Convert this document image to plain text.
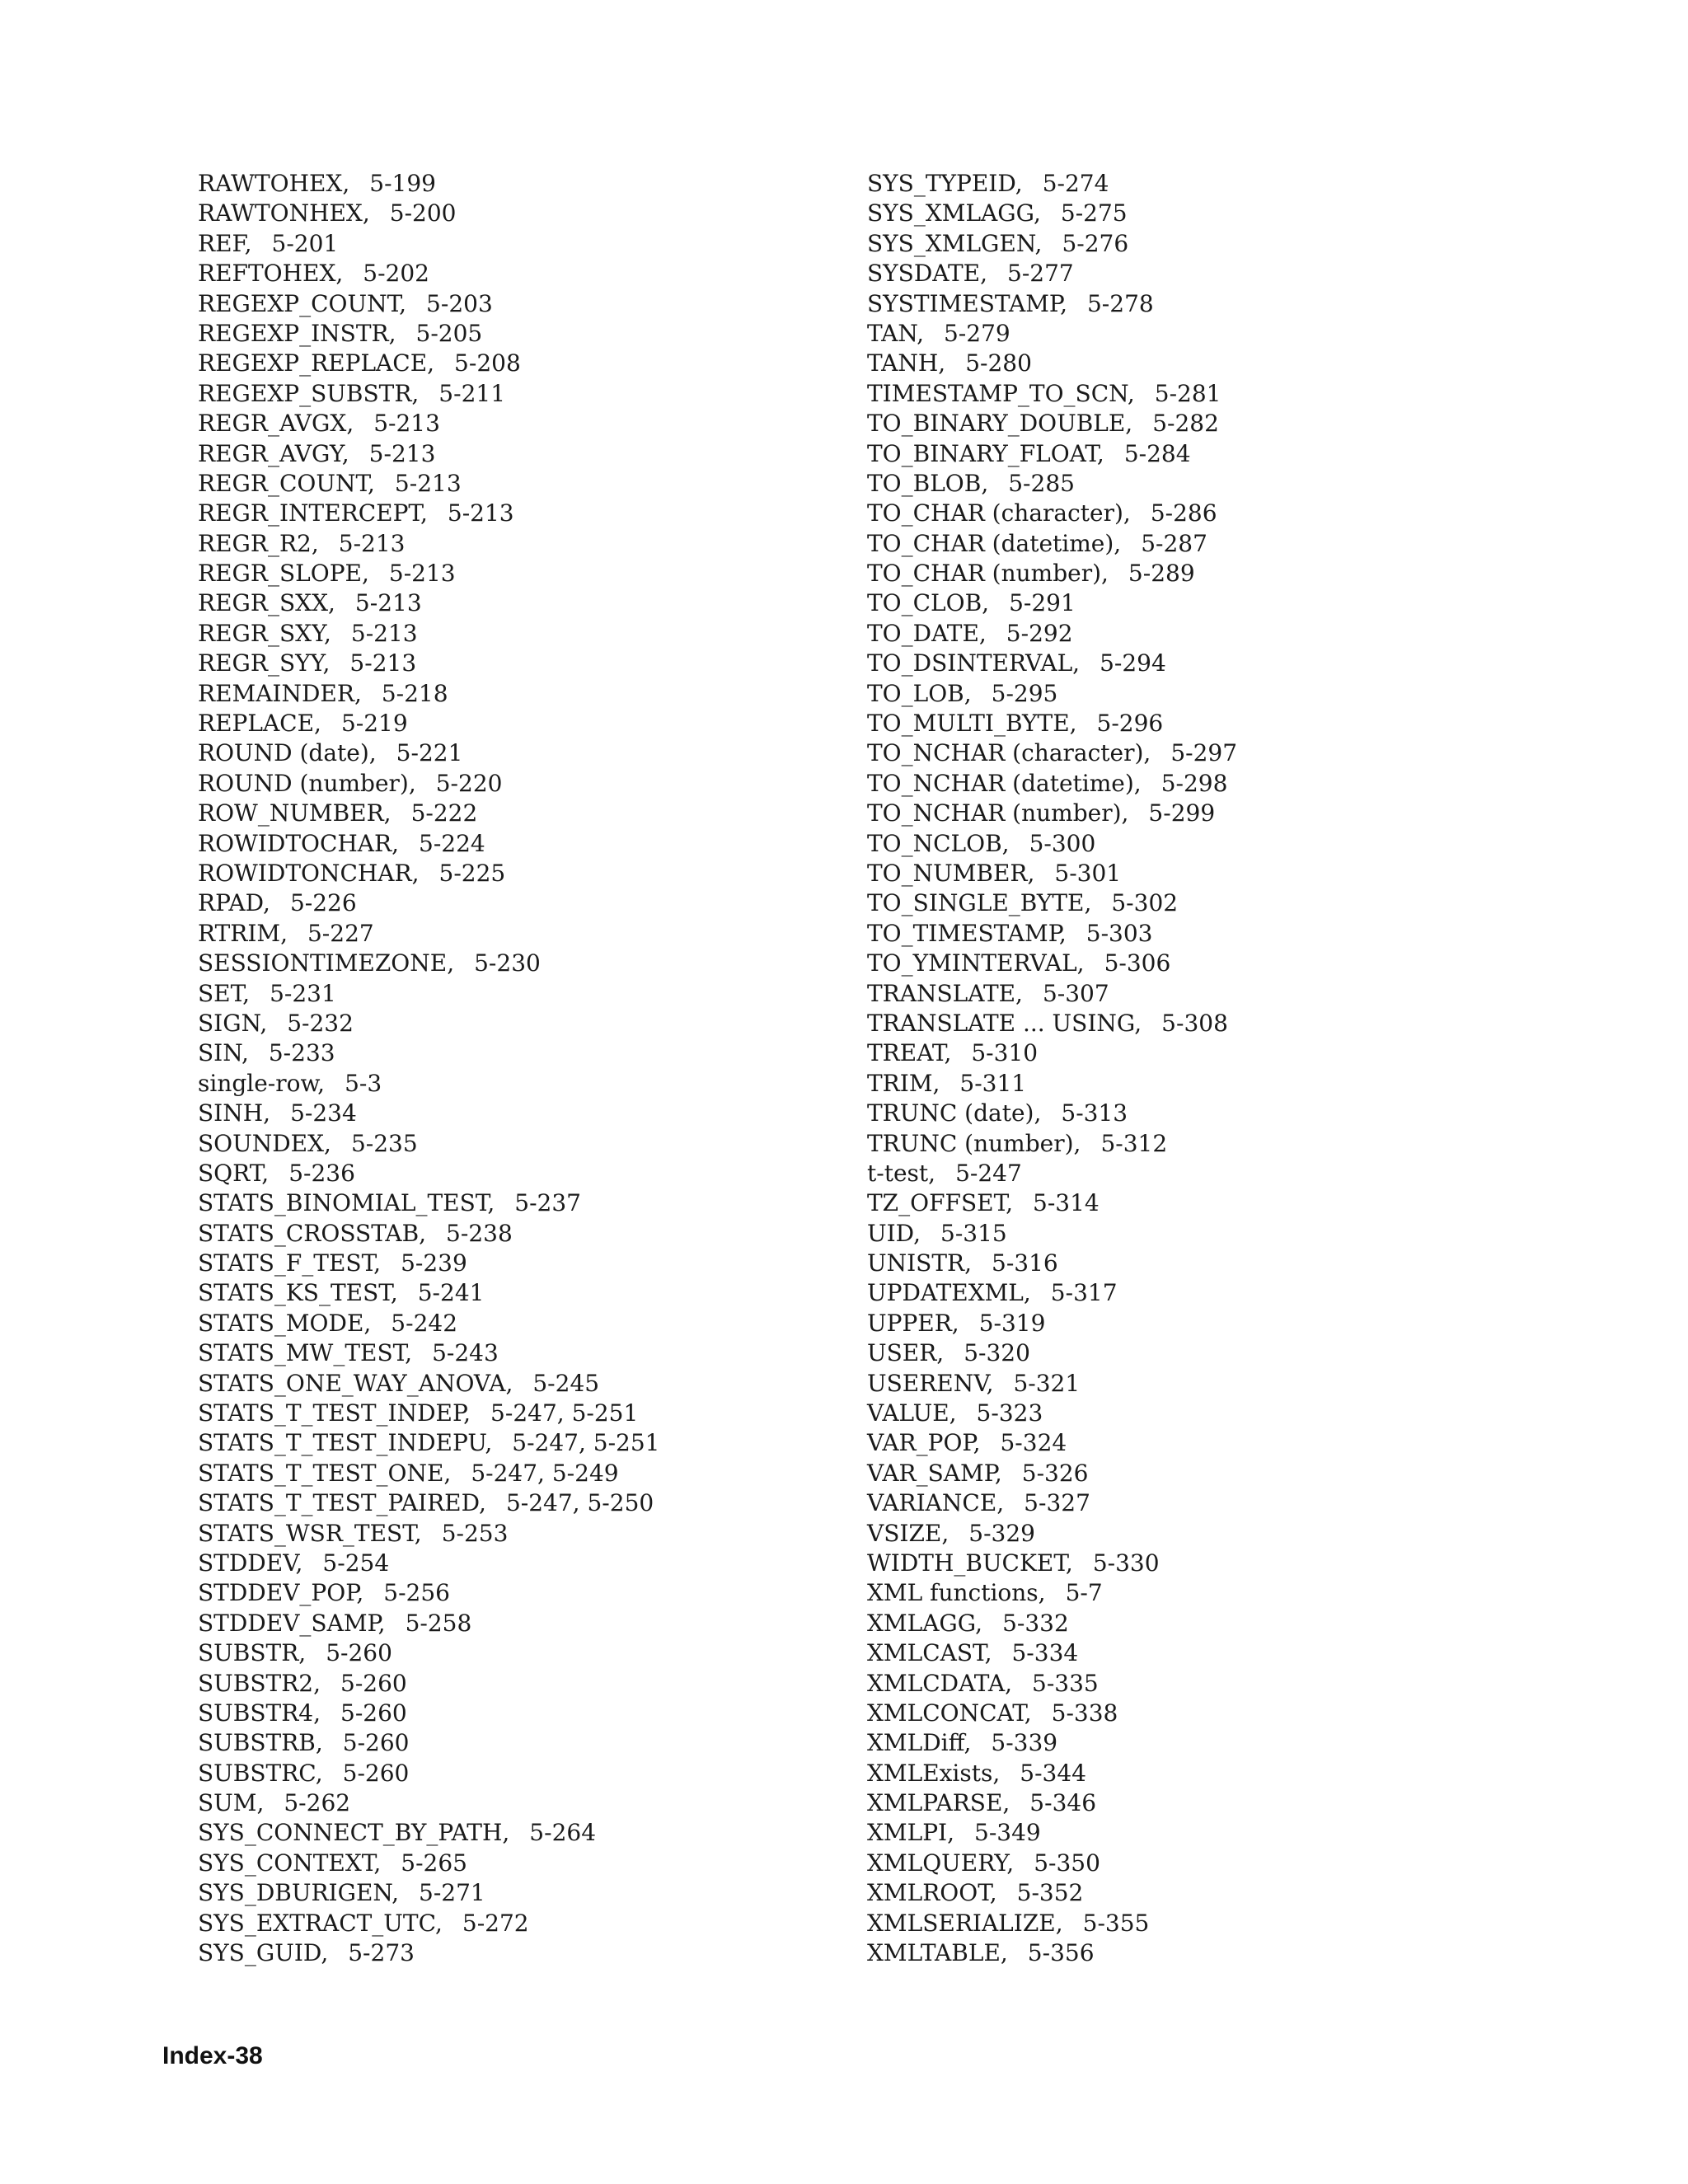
RAWTOHEX, 5-199
RAWTONHEX, 5-200
REF, 5-201
REFTOHEX, 5-202
REGEXP_COUNT, 5-203
REGEXP_INSTR, 5-205
REGEXP_REPLACE, 5-208
REGEXP_SUBSTR, 5-211
REGR_AVGX, 5-213
REGR_AVGY, 5-213
REGR_COUNT, 5-213
REGR_INTERCEPT, 5-213
REGR_R2, 5-213
REGR_SLOPE, 5-213
REGR_SXX, 5-213
REGR_SXY, 5-213
REGR_SYY, 5-213
REMAINDER, 5-218
REPLACE, 5-219
ROUND (date), 5-221
ROUND (number), 5-220
ROW_NUMBER, 5-222
ROWIDTOCHAR, 5-224
ROWIDTONCHAR, 5-225
RPAD, 5-226
RTRIM, 5-227
SESSIONTIMEZONE, 5-230
SET, 5-231
SIGN, 5-232
SIN, 5-233
single-row, 5-3
SINH, 5-234
SOUNDEX, 5-235
SQRT, 5-236
STATS_BINOMIAL_TEST, 5-237
STATS_CROSSTAB, 5-238
STATS_F_TEST, 5-239
STATS_KS_TEST, 5-241
STATS_MODE, 5-242
STATS_MW_TEST, 5-243
STATS_ONE_WAY_ANOVA, 5-245
STATS_T_TEST_INDEP, 5-247, 5-251
STATS_T_TEST_INDEPU, 5-247, 5-251
STATS_T_TEST_ONE, 5-247, 5-249
STATS_T_TEST_PAIRED, 5-247, 5-250
STATS_WSR_TEST, 5-253
STDDEV, 5-254
STDDEV_POP, 5-256
STDDEV_SAMP, 5-258
SUBSTR, 5-260
SUBSTR2, 5-260
SUBSTR4, 5-260
SUBSTRB, 5-260
SUBSTRC, 5-260
SUM, 5-262
SYS_CONNECT_BY_PATH, 5-264
SYS_CONTEXT, 5-265
SYS_DBURIGEN, 5-271
SYS_EXTRACT_UTC, 5-272
SYS_GUID, 5-273
SYS_TYPEID, 5-274
SYS_XMLAGG, 5-275
SYS_XMLGEN, 5-276
SYSDATE, 5-277
SYSTIMESTAMP, 5-278
TAN, 5-279
TANH, 5-280
TIMESTAMP_TO_SCN, 5-281
TO_BINARY_DOUBLE, 5-282
TO_BINARY_FLOAT, 5-284
TO_BLOB, 5-285
TO_CHAR (character), 5-286
TO_CHAR (datetime), 5-287
TO_CHAR (number), 5-289
TO_CLOB, 5-291
TO_DATE, 5-292
TO_DSINTERVAL, 5-294
TO_LOB, 5-295
TO_MULTI_BYTE, 5-296
TO_NCHAR (character), 5-297
TO_NCHAR (datetime), 5-298
TO_NCHAR (number), 5-299
TO_NCLOB, 5-300
TO_NUMBER, 5-301
TO_SINGLE_BYTE, 5-302
TO_TIMESTAMP, 5-303
TO_YMINTERVAL, 5-306
TRANSLATE, 5-307
TRANSLATE ... USING, 5-308
TREAT, 5-310
TRIM, 5-311
TRUNC (date), 5-313
TRUNC (number), 5-312
t-test, 5-247
TZ_OFFSET, 5-314
UID, 5-315
UNISTR, 5-316
UPDATEXML, 5-317
UPPER, 5-319
USER, 5-320
USERENV, 5-321
VALUE, 5-323
VAR_POP, 5-324
VAR_SAMP, 5-326
VARIANCE, 5-327
VSIZE, 5-329
WIDTH_BUCKET, 5-330
XML functions, 5-7
XMLAGG, 5-332
XMLCAST, 5-334
XMLCDATA, 5-335
XMLCONCAT, 5-338
XMLDiff, 5-339
XMLExists, 5-344
XMLPARSE, 5-346
XMLPI, 5-349
XMLQUERY, 5-350
XMLROOT, 5-352
XMLSERIALIZE, 5-355
XMLTABLE, 5-356
Index-38
